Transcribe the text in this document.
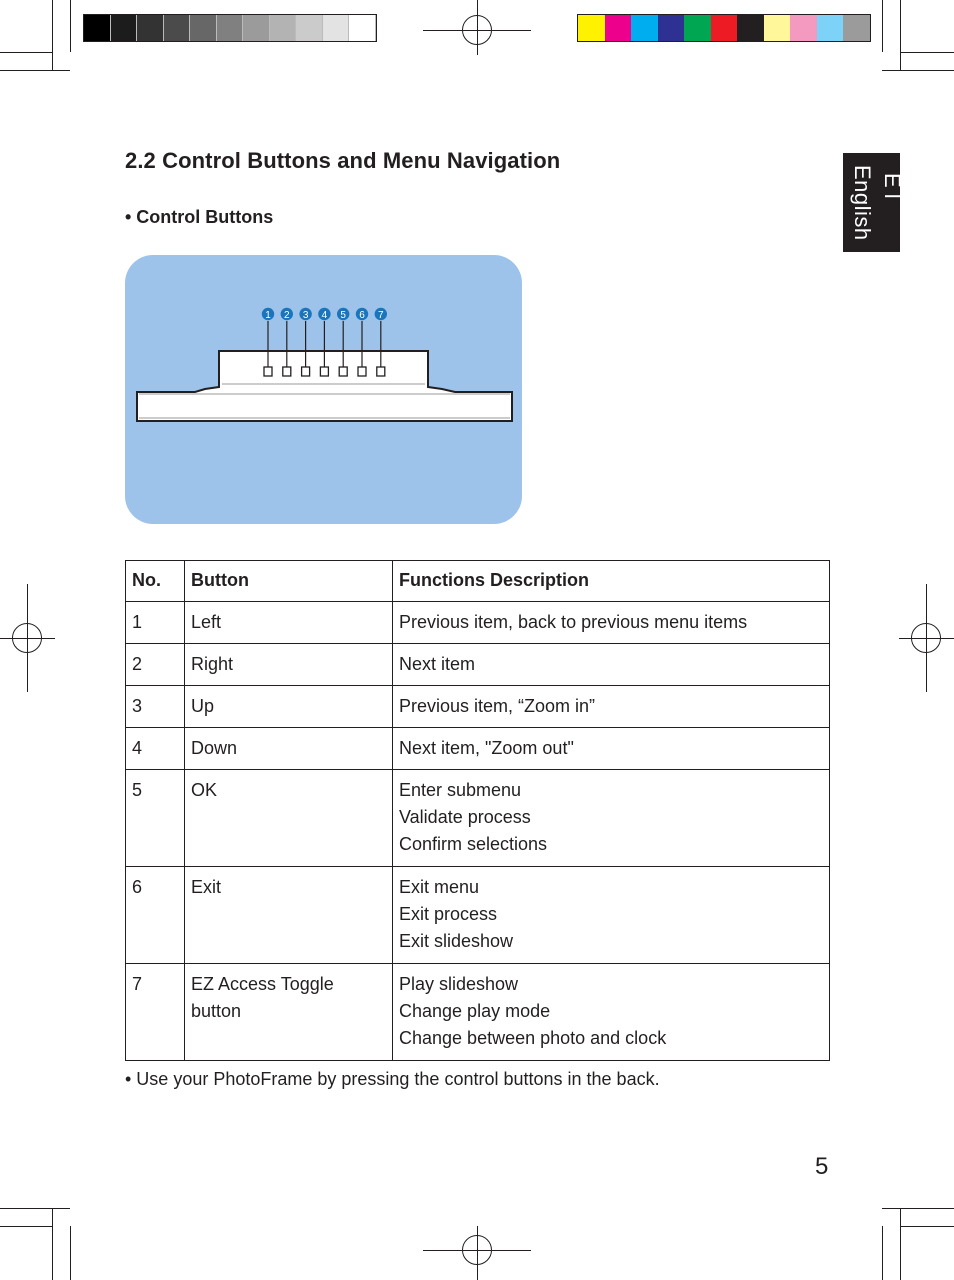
English E l
2.2 Control Buttons and Menu Navigation
• Control Buttons
1 2 3 4 5 6 7
No.	Button	Functions Description
1	Left	Previous item, back to previous menu items

2	Right	Next item

3	Up	Previous item, “Zoom in”

4	Down	Next item, "Zoom out"

5	OK	Enter submenu
Validate process
Confirm selections

6	Exit	Exit menu
Exit process
Exit slideshow

7	EZ Access Toggle
button	Play slideshow
Change play mode
Change between photo and clock
• Use your PhotoFrame by pressing the control buttons in the back.
5
